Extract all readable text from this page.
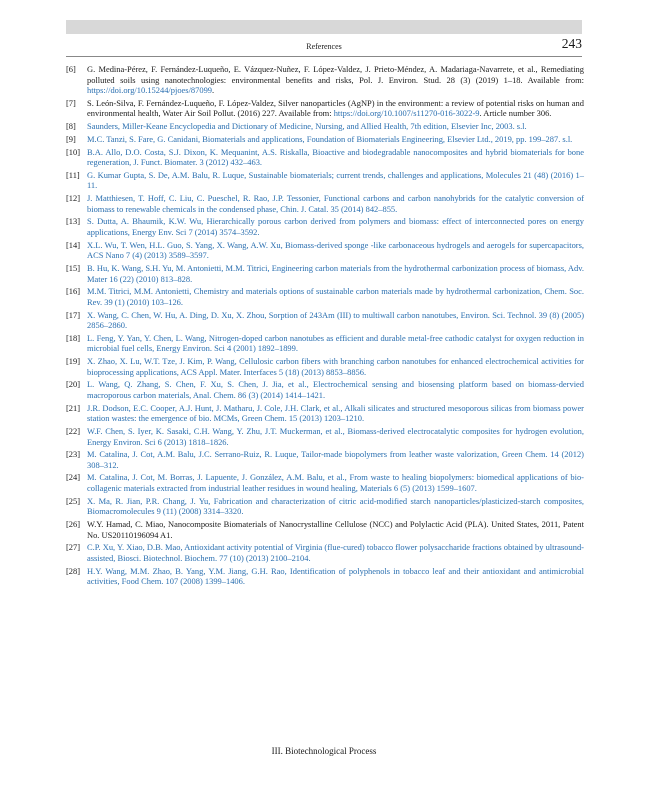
References	243
[6] G. Medina-Pérez, F. Fernández-Luqueño, E. Vázquez-Nuñez, F. López-Valdez, J. Prieto-Méndez, A. Madariaga-Navarrete, et al., Remediating polluted soils using nanotechnologies: environmental benefits and risks, Pol. J. Environ. Stud. 28 (3) (2019) 1–18. Available from: https://doi.org/10.15244/pjoes/87099.
[7] S. León-Silva, F. Fernández-Luqueño, F. López-Valdez, Silver nanoparticles (AgNP) in the environment: a review of potential risks on human and environmental health, Water Air Soil Pollut. (2016) 227. Available from: https://doi.org/10.1007/s11270-016-3022-9. Article number 306.
[8] Saunders, Miller-Keane Encyclopedia and Dictionary of Medicine, Nursing, and Allied Health, 7th edition, Elsevier Inc, 2003. s.l.
[9] M.C. Tanzi, S. Fare, G. Canidani, Biomaterials and applications, Foundation of Biomaterials Engineering, Elsevier Ltd., 2019, pp. 199–287. s.l.
[10] B.A. Allo, D.O. Costa, S.J. Dixon, K. Mequanint, A.S. Riskalla, Bioactive and biodegradable nanocomposites and hybrid biomaterials for bone regeneration, J. Funct. Biomater. 3 (2012) 432–463.
[11] G. Kumar Gupta, S. De, A.M. Balu, R. Luque, Sustainable biomaterials; current trends, challenges and applications, Molecules 21 (48) (2016) 1–11.
[12] J. Matthiesen, T. Hoff, C. Liu, C. Pueschel, R. Rao, J.P. Tessonier, Functional carbons and carbon nanohybrids for the catalytic conversion of biomass to renewable chemicals in the condensed phase, Chin. J. Catal. 35 (2014) 842–855.
[13] S. Dutta, A. Bhaumik, K.W. Wu, Hierarchically porous carbon derived from polymers and biomass: effect of interconnected pores on energy applications, Energy Env. Sci 7 (2014) 3574–3592.
[14] X.L. Wu, T. Wen, H.L. Guo, S. Yang, X. Wang, A.W. Xu, Biomass-derived sponge -like carbonaceous hydrogels and aerogels for supercapacitors, ACS Nano 7 (4) (2013) 3589–3597.
[15] B. Hu, K. Wang, S.H. Yu, M. Antonietti, M.M. Titrici, Engineering carbon materials from the hydrothermal carbonization process of biomass, Adv. Mater 16 (22) (2010) 813–828.
[16] M.M. Titrici, M.M. Antonietti, Chemistry and materials options of sustainable carbon materials made by hydrothermal carbonization, Chem. Soc. Rev. 39 (1) (2010) 103–126.
[17] X. Wang, C. Chen, W. Hu, A. Ding, D. Xu, X. Zhou, Sorption of 243Am (III) to multiwall carbon nanotubes, Environ. Sci. Technol. 39 (8) (2005) 2856–2860.
[18] L. Feng, Y. Yan, Y. Chen, L. Wang, Nitrogen-doped carbon nanotubes as efficient and durable metal-free cathodic catalyst for oxygen reduction in microbial fuel cells, Energy Environ. Sci 4 (2001) 1892–1899.
[19] X. Zhao, X. Lu, W.T. Tze, J. Kim, P. Wang, Cellulosic carbon fibers with branching carbon nanotubes for enhanced electrochemical activities for bioprocessing applications, ACS Appl. Mater. Interfaces 5 (18) (2013) 8853–8856.
[20] L. Wang, Q. Zhang, S. Chen, F. Xu, S. Chen, J. Jia, et al., Electrochemical sensing and biosensing platform based on biomass-dervied macroporous carbon materials, Anal. Chem. 86 (3) (2014) 1414–1421.
[21] J.R. Dodson, E.C. Cooper, A.J. Hunt, J. Matharu, J. Cole, J.H. Clark, et al., Alkali silicates and structured mesoporous silicas from biomass power station wastes: the emergence of bio. MCMs, Green Chem. 15 (2013) 1203–1210.
[22] W.F. Chen, S. Iyer, K. Sasaki, C.H. Wang, Y. Zhu, J.T. Muckerman, et al., Biomass-derived electrocatalytic composites for hydrogen evolution, Energy Environ. Sci 6 (2013) 1818–1826.
[23] M. Catalina, J. Cot, A.M. Balu, J.C. Serrano-Ruiz, R. Luque, Tailor-made biopolymers from leather waste valorization, Green Chem. 14 (2012) 308–312.
[24] M. Catalina, J. Cot, M. Borras, J. Lapuente, J. González, A.M. Balu, et al., From waste to healing biopolymers: biomedical applications of bio-collagenic materials extracted from industrial leather residues in wound healing, Materials 6 (5) (2013) 1599–1607.
[25] X. Ma, R. Jian, P.R. Chang, J. Yu, Fabrication and characterization of citric acid-modified starch nanoparticles/plasticized-starch composites, Biomacromolecules 9 (11) (2008) 3314–3320.
[26] W.Y. Hamad, C. Miao, Nanocomposite Biomaterials of Nanocrystalline Cellulose (NCC) and Polylactic Acid (PLA). United States, 2011, Patent No. US20110196094 A1.
[27] C.P. Xu, Y. Xiao, D.B. Mao, Antioxidant activity potential of Virginia (flue-cured) tobacco flower polysaccharide fractions obtained by ultrasound-assisted, Biosci. Biotechnol. Biochem. 77 (10) (2013) 2100–2104.
[28] H.Y. Wang, M.M. Zhao, B. Yang, Y.M. Jiang, G.H. Rao, Identification of polyphenols in tobacco leaf and their antioxidant and antimicrobial activities, Food Chem. 107 (2008) 1399–1406.
III. Biotechnological Process
